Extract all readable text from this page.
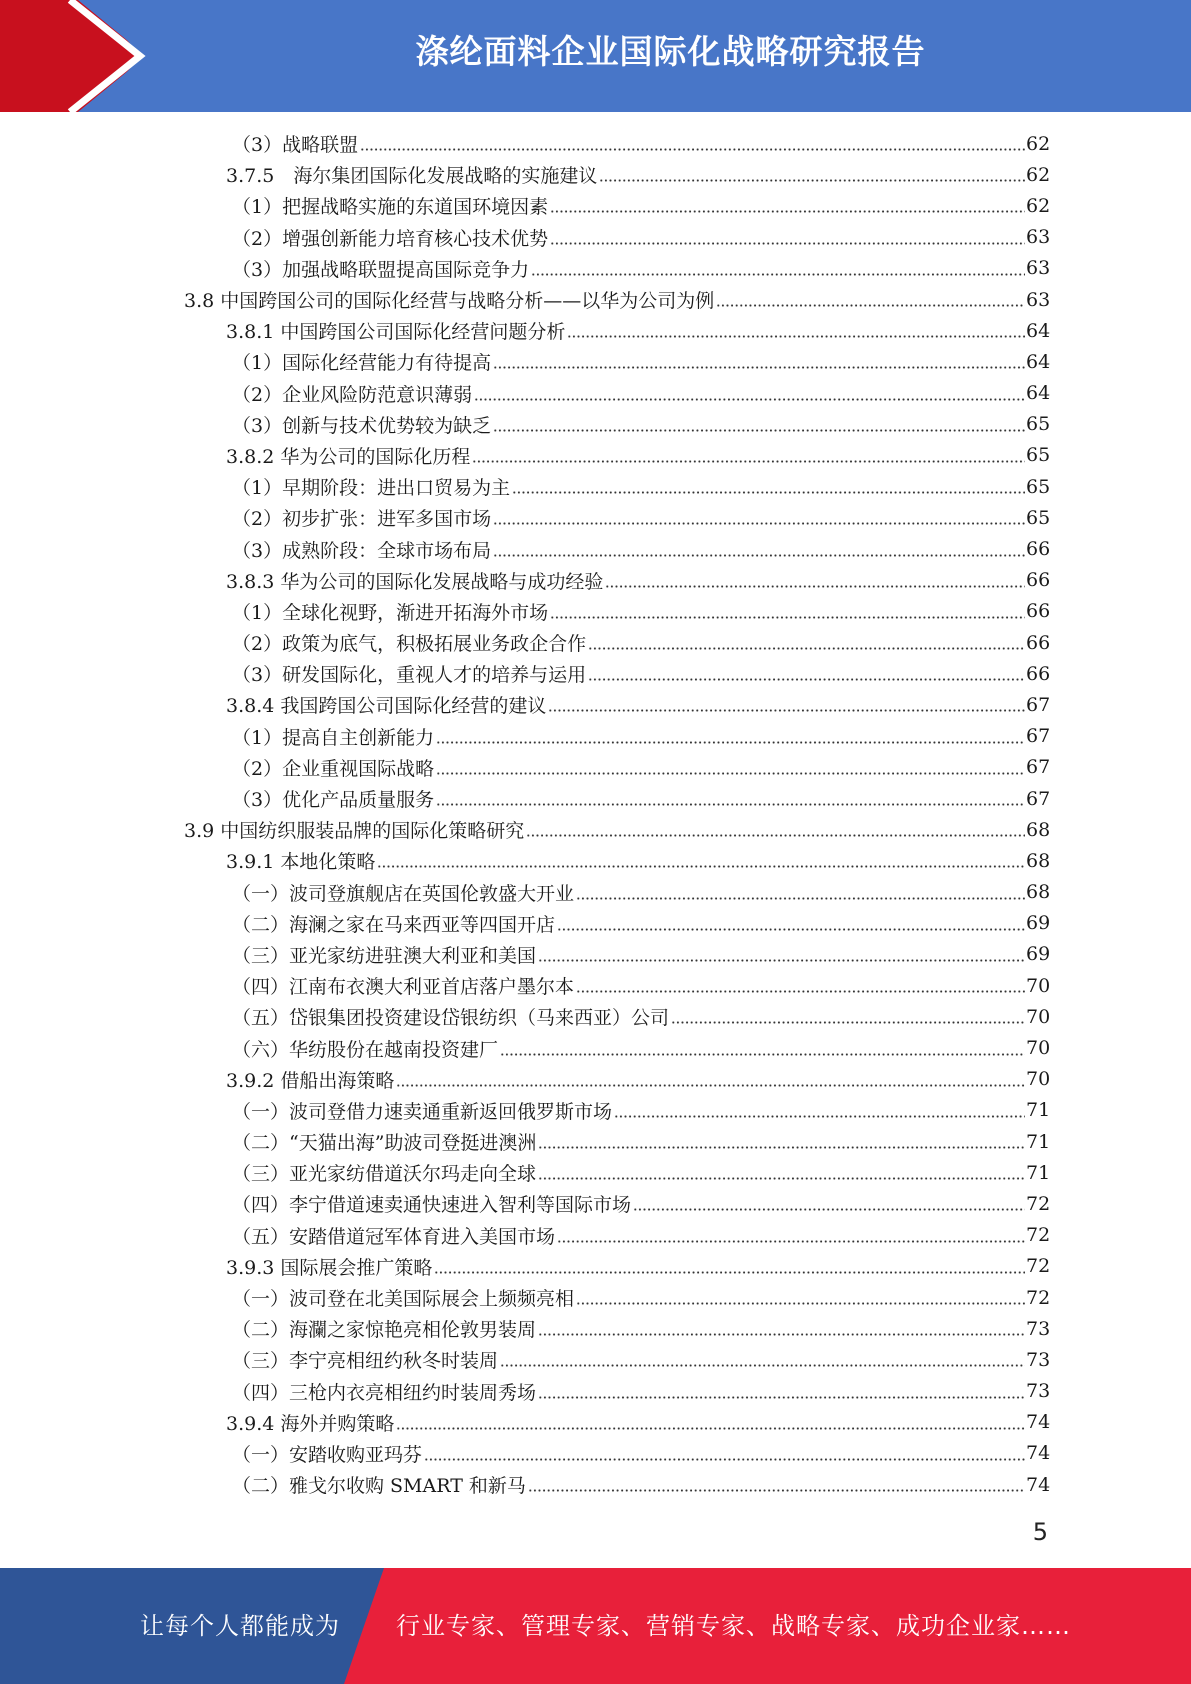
涤纶面料企业国际化战略研究报告
（3）战略联盟	62
3.7.5　海尔集团国际化发展战略的实施建议	62
（1）把握战略实施的东道国环境因素	62
（2）增强创新能力培育核心技术优势	63
（3）加强战略联盟提高国际竞争力	63
3.8 中国跨国公司的国际化经营与战略分析——以华为公司为例	63
3.8.1 中国跨国公司国际化经营问题分析	64
（1）国际化经营能力有待提高	64
（2）企业风险防范意识薄弱	64
（3）创新与技术优势较为缺乏	65
3.8.2 华为公司的国际化历程	65
（1）早期阶段：进出口贸易为主	65
（2）初步扩张：进军多国市场	65
（3）成熟阶段：全球市场布局	66
3.8.3 华为公司的国际化发展战略与成功经验	66
（1）全球化视野，渐进开拓海外市场	66
（2）政策为底气，积极拓展业务政企合作	66
（3）研发国际化，重视人才的培养与运用	66
3.8.4 我国跨国公司国际化经营的建议	67
（1）提高自主创新能力	67
（2）企业重视国际战略	67
（3）优化产品质量服务	67
3.9 中国纺织服装品牌的国际化策略研究	68
3.9.1 本地化策略	68
（一）波司登旗舰店在英国伦敦盛大开业	68
（二）海澜之家在马来西亚等四国开店	69
（三）亚光家纺进驻澳大利亚和美国	69
（四）江南布衣澳大利亚首店落户墨尔本	70
（五）岱银集团投资建设岱银纺织（马来西亚）公司	70
（六）华纺股份在越南投资建厂	70
3.9.2 借船出海策略	70
（一）波司登借力速卖通重新返回俄罗斯市场	71
（二）“天猫出海”助波司登挺进澳洲	71
（三）亚光家纺借道沃尔玛走向全球	71
（四）李宁借道速卖通快速进入智利等国际市场	72
（五）安踏借道冠军体育进入美国市场	72
3.9.3 国际展会推广策略	72
（一）波司登在北美国际展会上频频亮相	72
（二）海瀾之家惊艳亮相伦敦男装周	73
（三）李宁亮相纽约秋冬时装周	73
（四）三枪内衣亮相纽约时装周秀场	73
3.9.4 海外并购策略	74
（一）安踏收购亚玛芬	74
（二）雅戈尔收购 SMART 和新马	74
5
让每个人都能成为 行业专家、管理专家、营销专家、战略专家、成功企业家……
